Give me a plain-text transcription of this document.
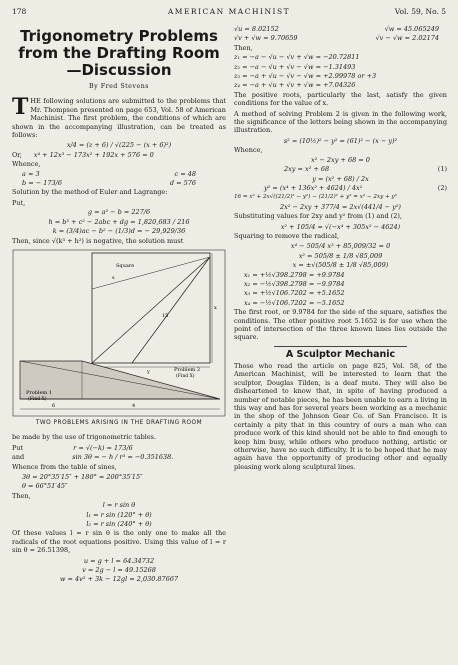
178	AMERICAN MACHINIST	Vol. 59, No. 5
Trigonometry Problems from the Drafting Room—Discussion
By Fred Stevens

THE following solutions are submitted to the problems that Mr. Thompson presented on page 653, Vol. 58 of American Machinist. The first problem, the conditions of which are shown in the accompanying illustration, can be treated as follows:

x/4 = (z + 6) / √(225 − (x + 6)²)
Or, x⁴ + 12x³ − 173x² + 192x + 576 = 0
Whence,
a = 3	c = 48
b = − 173/6	d = 576

Solution by the method of Euler and Lagrange:

Put,
g = a² − b = 227/6
h = b³ + c² − 2abc + dg = 1,820,683 / 216
k = (3/4)ac − b² − (1/3)d = − 29,929/36

Then, since √(k³ + h²) is negative, the solution must

Square
Problem 2
(Find X)
Problem 1
(Find X)
15
x
y
6	4
s
TWO PROBLEMS ARISING IN THE DRAFTING ROOM

be made by the use of trigonometric tables.

Put	r = √(−k) = 173/6
and	sin 3θ = − h / r³ = −0.351638.

Whence from the table of sines,

3θ = 20°35′15″ + 180° = 200°35′15″
θ = 66°51′45″
Then,
l = r sin θ
l₁ = r sin (120° + θ)
l₂ = r sin (240° + θ)

Of these values l = r sin θ is the only one to make all the radicals of the root equations positive. Using this value of l = r sin θ = 26.51398,

u = g + l = 64.34732
v = 2g − l = 49.15268
w = 4v² + 3k − 12gl = 2,030.87667
√u = 8.02152	√w = 45.065249
√v + √w = 9.70659	√v − √w = 2.02174
Then,
z₁ = −a − √u − √v + √w = −20.72811
z₂ = −a − √u + √v − √w = −1.31493
z₃ = −a + √u − √v − √w = +2.99978 or +3
z₄ = −a + √u + √v + √w = +7.04326

The positive roots, particularly the last, satisfy the given conditions for the value of x.

A method of solving Problem 2 is given in the following work, the significance of the letters being shown in the accompanying illustration.

s² = (10½)² − y² = (61)² − (x − y)²
Whence,
x² − 2xy + 68 = 0
2xy = x² + 68	(1)
y = (x² + 68) / 2x
y² = (x⁴ + 136x² + 4624) / 4x²	(2)
16 = x² + 2x√((21/2)² − y²) − (21/2)² + y² = x² − 2xy + y²
2x² − 2xy + 377/4 = 2x√(441/4 − y²)

Substituting values for 2xy and y² from (1) and (2),

x² + 105/4 = √(−x⁴ + 305x² − 4624)

Squaring to remove the radical,

x⁴ − 505/4 x² + 85,009/32 = 0
x² = 505/8 ± 1/8 √85,009
x = ±√(505/8 ± 1/8 √85,009)
x₁ = +½√398.2798 = +9.9784
x₂ = −½√398.2798 = −9.9784
x₃ = +½√106.7202 = +5.1652
x₄ = −½√106.7202 = −5.1652

The first root, or 9.9784 for the side of the square, satisfies the conditions. The other positive root 5.1652 is for use when the point of intersection of the three known lines lies outside the square.

A Sculptor Mechanic

Those who read the article on page 825, Vol. 58, of the American Machinist, will be interested to learn that the sculptor, Douglas Tilden, is a deaf mute. They will also be disheartened to know that, in spite of having produced a number of notable pieces, he has been unable to earn a living in this way and has for several years been working as a mechanic in the shop of the Johnson Gear Co. of San Francisco. It is certainly a pity that in this country of ours a man who can produce work of this kind should not be able to find enough to keep him busy, while others who produce nothing, artistic or otherwise, have no such difficulty. It is to be hoped that he may again have the opportunity of producing other and equally pleasing work along sculptural lines.
